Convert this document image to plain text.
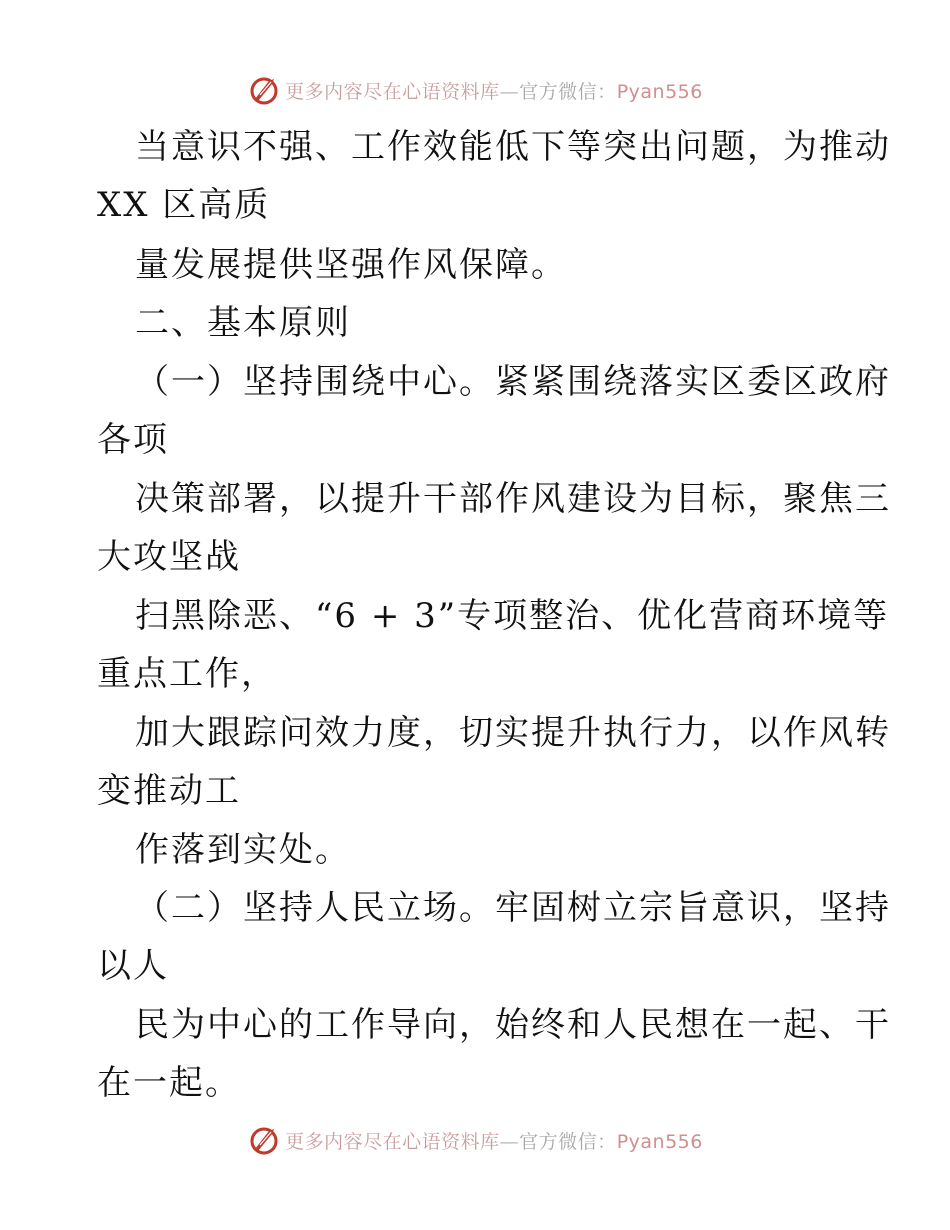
更多内容尽在心语资料库—官方微信：Pyan556
当意识不强、工作效能低下等突出问题，为推动
XX 区高质
量发展提供坚强作风保障。
二、基本原则
（一）坚持围绕中心。紧紧围绕落实区委区政府
各项
决策部署，以提升干部作风建设为目标，聚焦三
大攻坚战
扫黑除恶、“6 + 3”专项整治、优化营商环境等
重点工作，
加大跟踪问效力度，切实提升执行力，以作风转
变推动工
作落到实处。
（二）坚持人民立场。牢固树立宗旨意识，坚持
以人
民为中心的工作导向，始终和人民想在一起、干
在一起。
更多内容尽在心语资料库—官方微信：Pyan556
